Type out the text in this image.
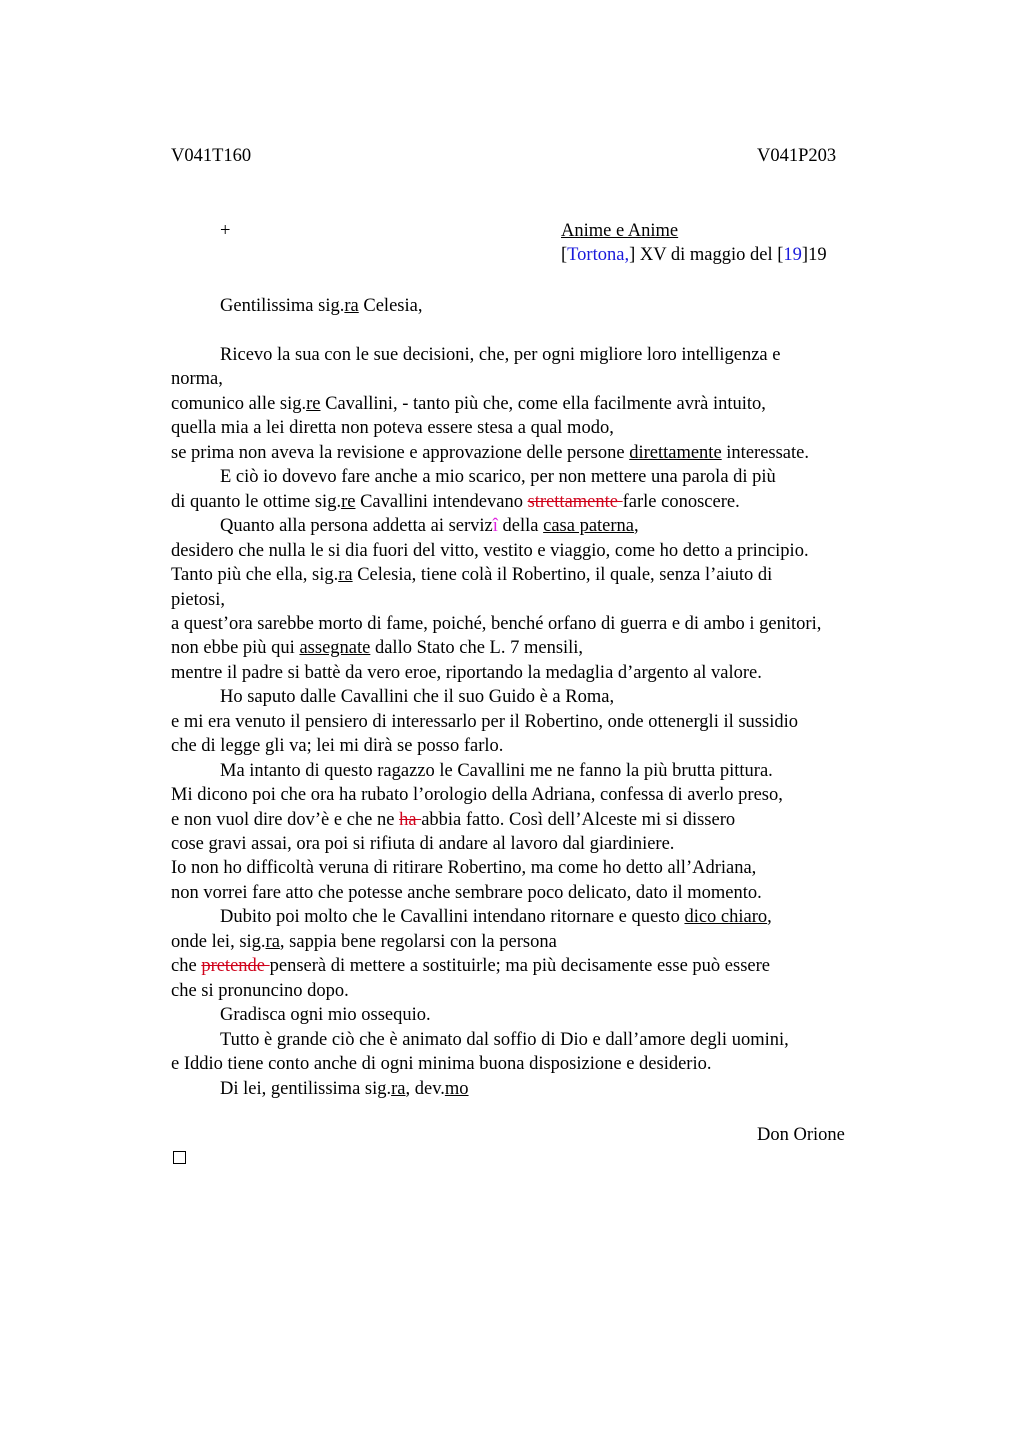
V041T160	V041P203
+	Anime e Anime
[Tortona,] XV di maggio del [19]19
Gentilissima sig.ra Celesia,
Ricevo la sua con le sue decisioni, che, per ogni migliore loro intelligenza e
norma,
comunico alle sig.re Cavallini, - tanto più che, come ella facilmente avrà intuito,
quella mia a lei diretta non poteva essere stesa a qual modo,
se prima non aveva la revisione e approvazione delle persone direttamente interessate.
E ciò io dovevo fare anche a mio scarico, per non mettere una parola di più
di quanto le ottime sig.re Cavallini intendevano strettamente farle conoscere.
Quanto alla persona addetta ai servizî della casa paterna,
desidero che nulla le si dia fuori del vitto, vestito e viaggio, come ho detto a principio.
Tanto più che ella, sig.ra Celesia, tiene colà il Robertino, il quale, senza l’aiuto di
pietosi,
a quest’ora sarebbe morto di fame, poiché, benché orfano di guerra e di ambo i genitori,
non ebbe più qui assegnate dallo Stato che L. 7 mensili,
mentre il padre si battè da vero eroe, riportando la medaglia d’argento al valore.
Ho saputo dalle Cavallini che il suo Guido è a Roma,
e mi era venuto il pensiero di interessarlo per il Robertino, onde ottenergli il sussidio
che di legge gli va; lei mi dirà se posso farlo.
Ma intanto di questo ragazzo le Cavallini me ne fanno la più brutta pittura.
Mi dicono poi che ora ha rubato l’orologio della Adriana, confessa di averlo preso,
e non vuol dire dov’è e che ne ha abbia fatto. Così dell’Alceste mi si dissero
cose gravi assai, ora poi si rifiuta di andare al lavoro dal giardiniere.
Io non ho difficoltà veruna di ritirare Robertino, ma come ho detto all’Adriana,
non vorrei fare atto che potesse anche sembrare poco delicato, dato il momento.
Dubito poi molto che le Cavallini intendano ritornare e questo dico chiaro,
onde lei, sig.ra, sappia bene regolarsi con la persona
che pretende penserà di mettere a sostituirle; ma più decisamente esse può essere
che si pronuncino dopo.
Gradisca ogni mio ossequio.
Tutto è grande ciò che è animato dal soffio di Dio e dall’amore degli uomini,
e Iddio tiene conto anche di ogni minima buona disposizione e desiderio.
Di lei, gentilissima sig.ra, dev.mo
Don Orione
